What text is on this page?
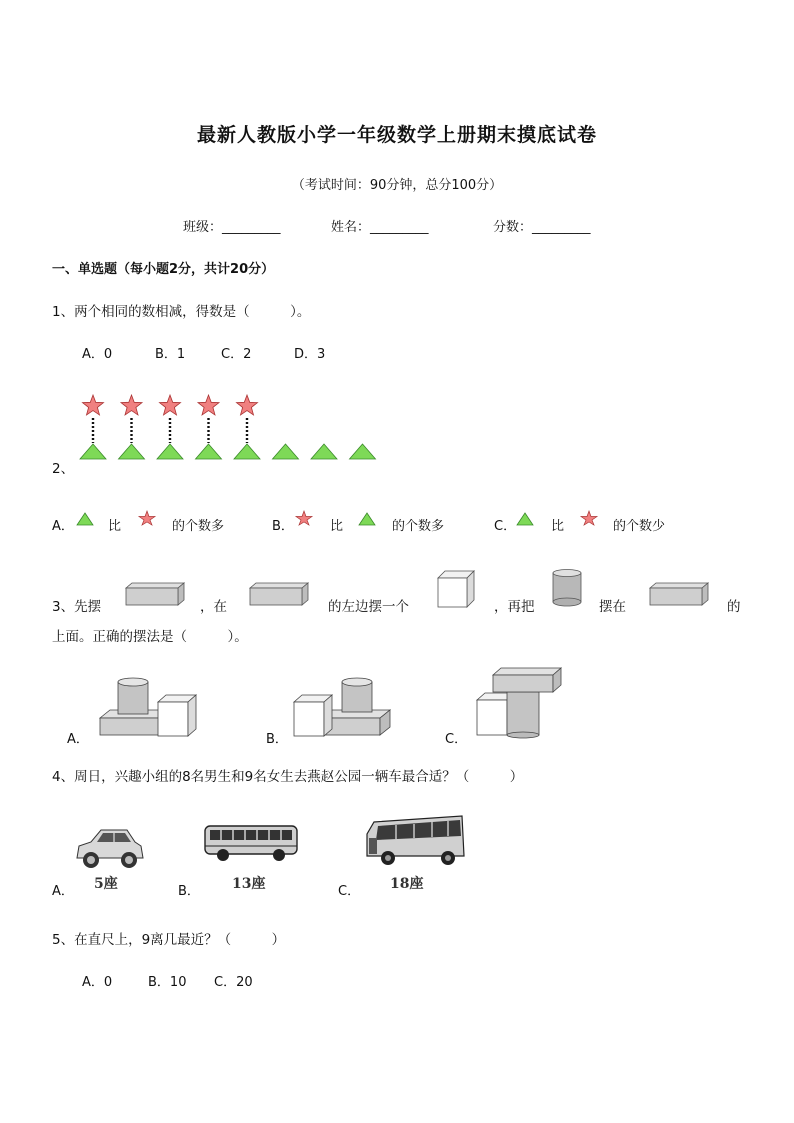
最新人教版小学一年级数学上册期末摸底试卷
（考试时间：90分钟，总分100分）
班级：_________	姓名：_________	分数：_________
一、单选题（每小题2分，共计20分）
1、两个相同的数相减，得数是（　　　）。
A．0	B．1	C．2	D．3
2、
A．	比	的个数多	B．	比	的个数多	C．	比	的个数少
3、先摆	，在	的左边摆一个	，再把	摆在	的
上面。正确的摆法是（　　　）。
A．	B．	C．
4、周日，兴趣小组的8名男生和9名女生去燕赵公园一辆车最合适？（　　　）
A． 5座	B． 13座	C． 18座
5、在直尺上，9离几最近？（　　　）
A．0	B．10 C．20
